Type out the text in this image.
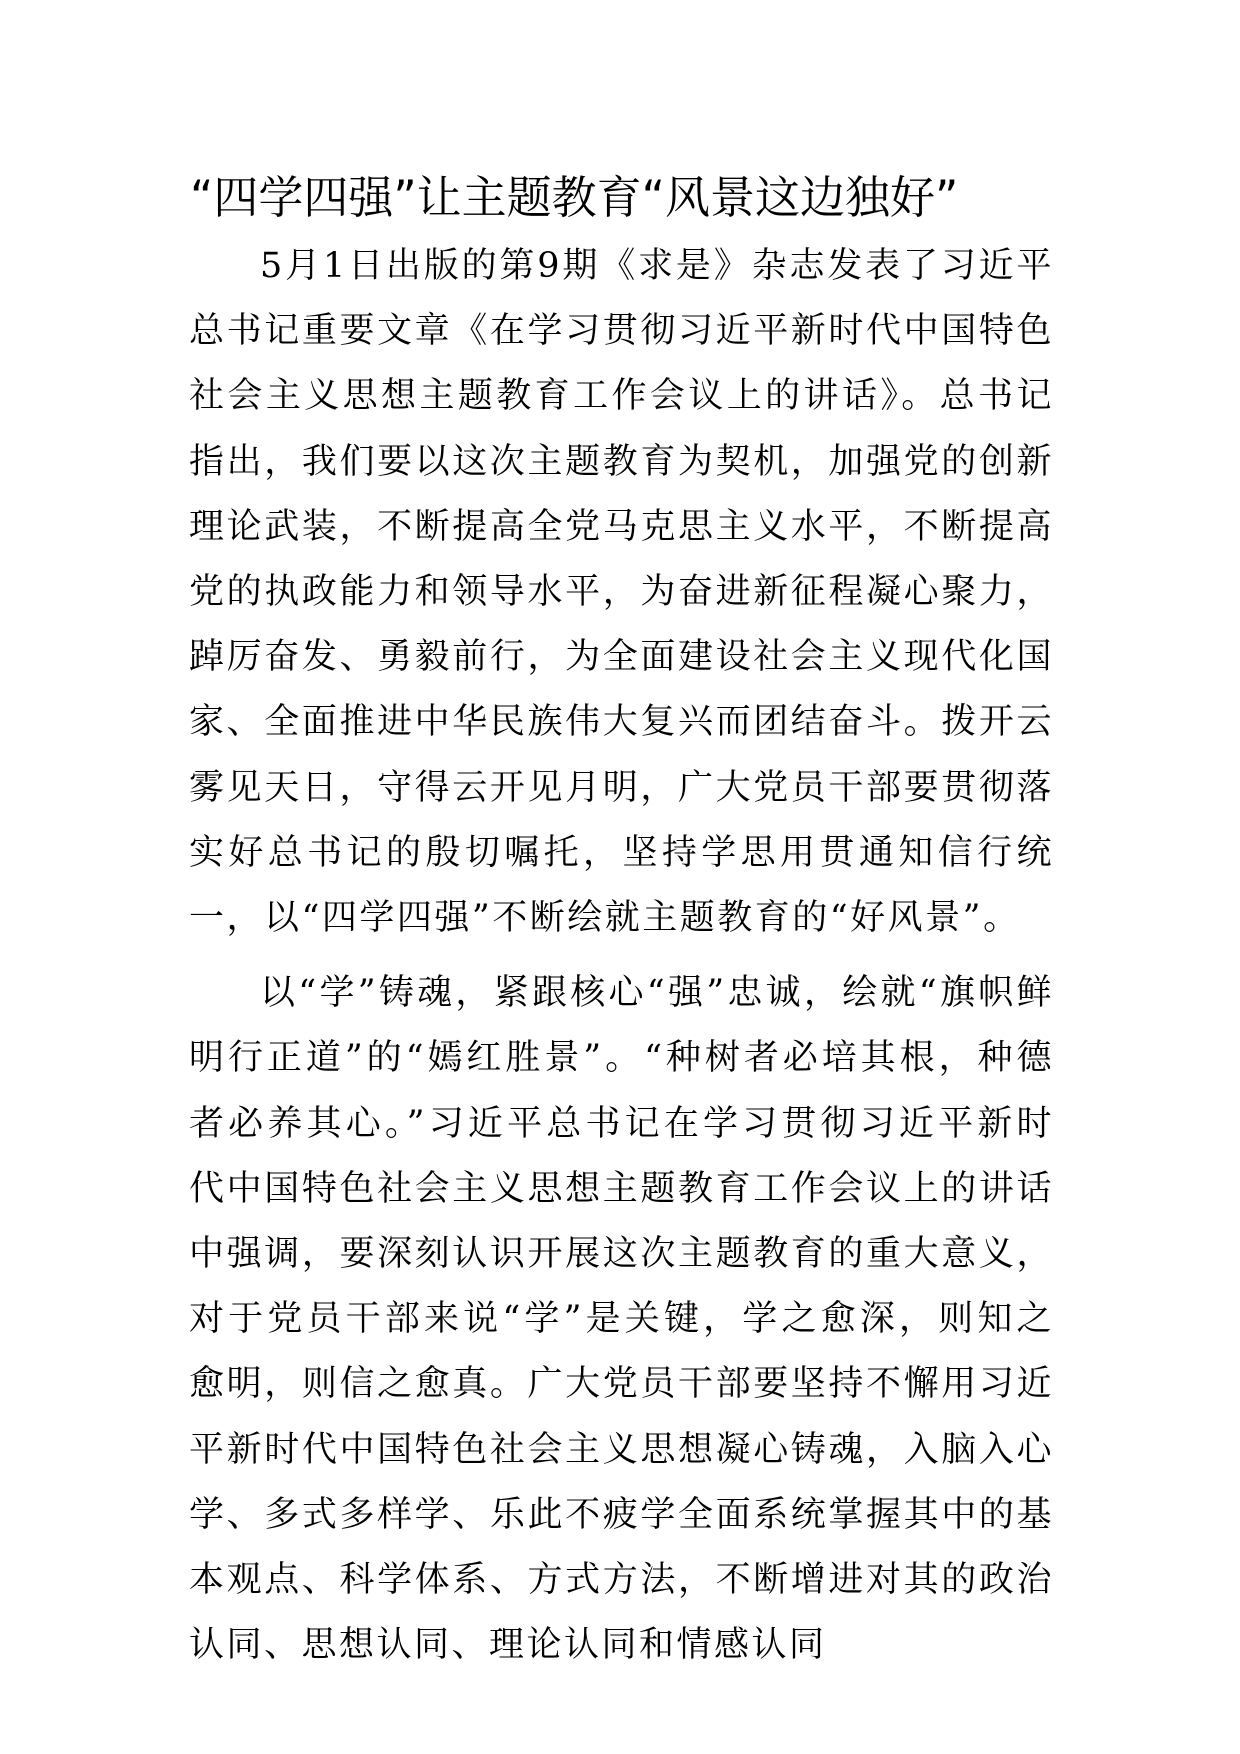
“四学四强”让主题教育“风景这边独好”

5月1日出版的第9期《求是》杂志发表了习近平总书记重要文章《在学习贯彻习近平新时代中国特色社会主义思想主题教育工作会议上的讲话》。总书记指出，我们要以这次主题教育为契机，加强党的创新理论武装，不断提高全党马克思主义水平，不断提高党的执政能力和领导水平，为奋进新征程凝心聚力，踔厉奋发、勇毅前行，为全面建设社会主义现代化国家、全面推进中华民族伟大复兴而团结奋斗。拨开云雾见天日，守得云开见月明，广大党员干部要贯彻落实好总书记的殷切嘱托，坚持学思用贯通知信行统一，以“四学四强”不断绘就主题教育的“好风景”。

以“学”铸魂，紧跟核心“强”忠诚，绘就“旗帜鲜明行正道”的“嫣红胜景”。“种树者必培其根，种德者必养其心。”习近平总书记在学习贯彻习近平新时代中国特色社会主义思想主题教育工作会议上的讲话中强调，要深刻认识开展这次主题教育的重大意义，对于党员干部来说“学”是关键，学之愈深，则知之愈明，则信之愈真。广大党员干部要坚持不懈用习近平新时代中国特色社会主义思想凝心铸魂，入脑入心学、多式多样学、乐此不疲学全面系统掌握其中的基本观点、科学体系、方式方法，不断增进对其的政治认同、思想认同、理论认同和情感认同
